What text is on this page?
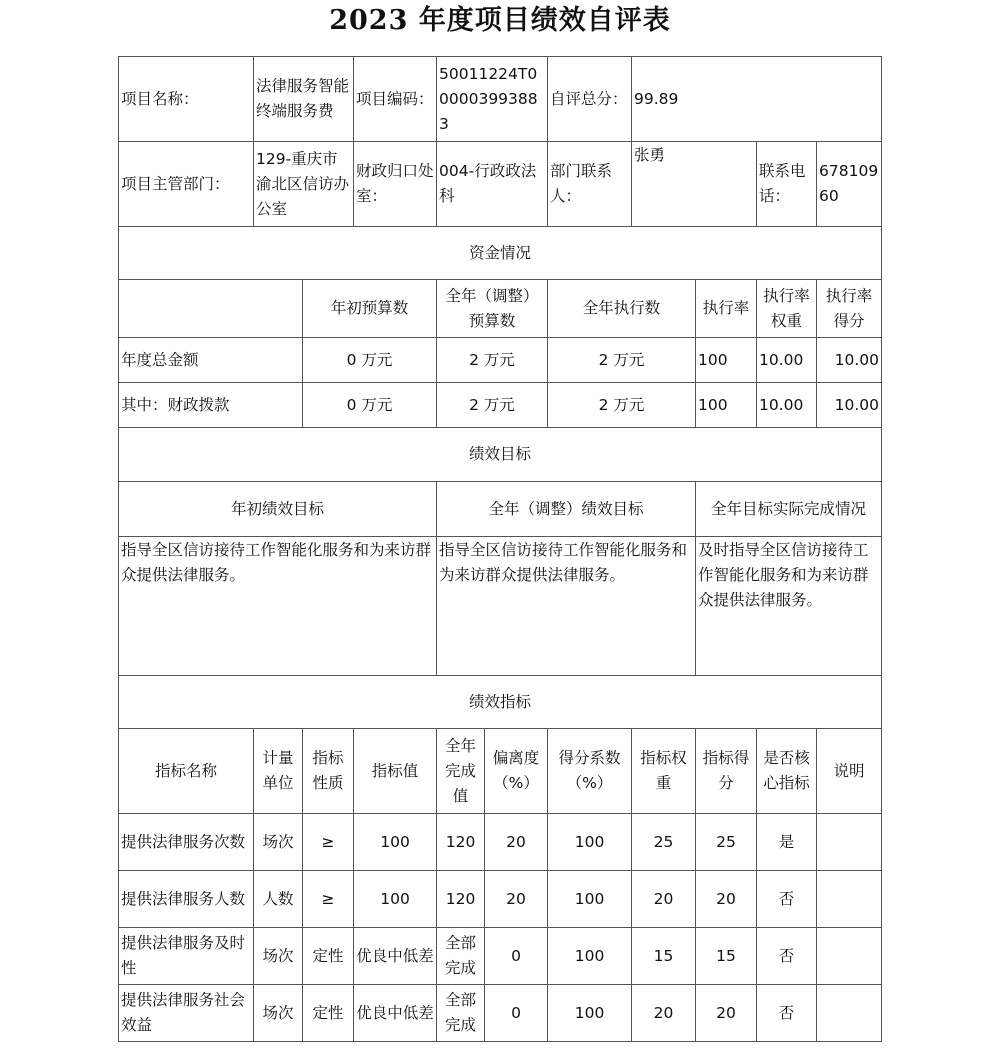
2023 年度项目绩效自评表
项目名称：	法律服务智能终端服务费		项目编码：	50011224T000003993883		自评总分：	99.89			
项目主管部门：	129-重庆市渝北区信访办公室		财政归口处室：	004-行政政法科		部门联系人：	张勇		联系电话：	67810960
资金情况										
		年初预算数		全年（调整）预算数		全年执行数		执行率	执行率权重	执行率得分
年度总金额		0 万元		2 万元		2 万元		100	10.00	10.00
其中：财政拨款		0 万元		2 万元		2 万元		100	10.00	10.00
绩效目标										
年初绩效目标				全年（调整）绩效目标				全年目标实际完成情况		
指导全区信访接待工作智能化服务和为来访群众提供法律服务。				指导全区信访接待工作智能化服务和为来访群众提供法律服务。				及时指导全区信访接待工作智能化服务和为来访群众提供法律服务。		
绩效指标										
指标名称	计量单位	指标性质	指标值	全年完成值	偏离度（%）	得分系数（%）	指标权重	指标得分	是否核心指标	说明
提供法律服务次数	场次	≥	100	120	20	100	25	25	是	
提供法律服务人数	人数	≥	100	120	20	100	20	20	否	
提供法律服务及时性	场次	定性	优良中低差	全部完成	0	100	15	15	否	
提供法律服务社会效益	场次	定性	优良中低差	全部完成	0	100	20	20	否	
